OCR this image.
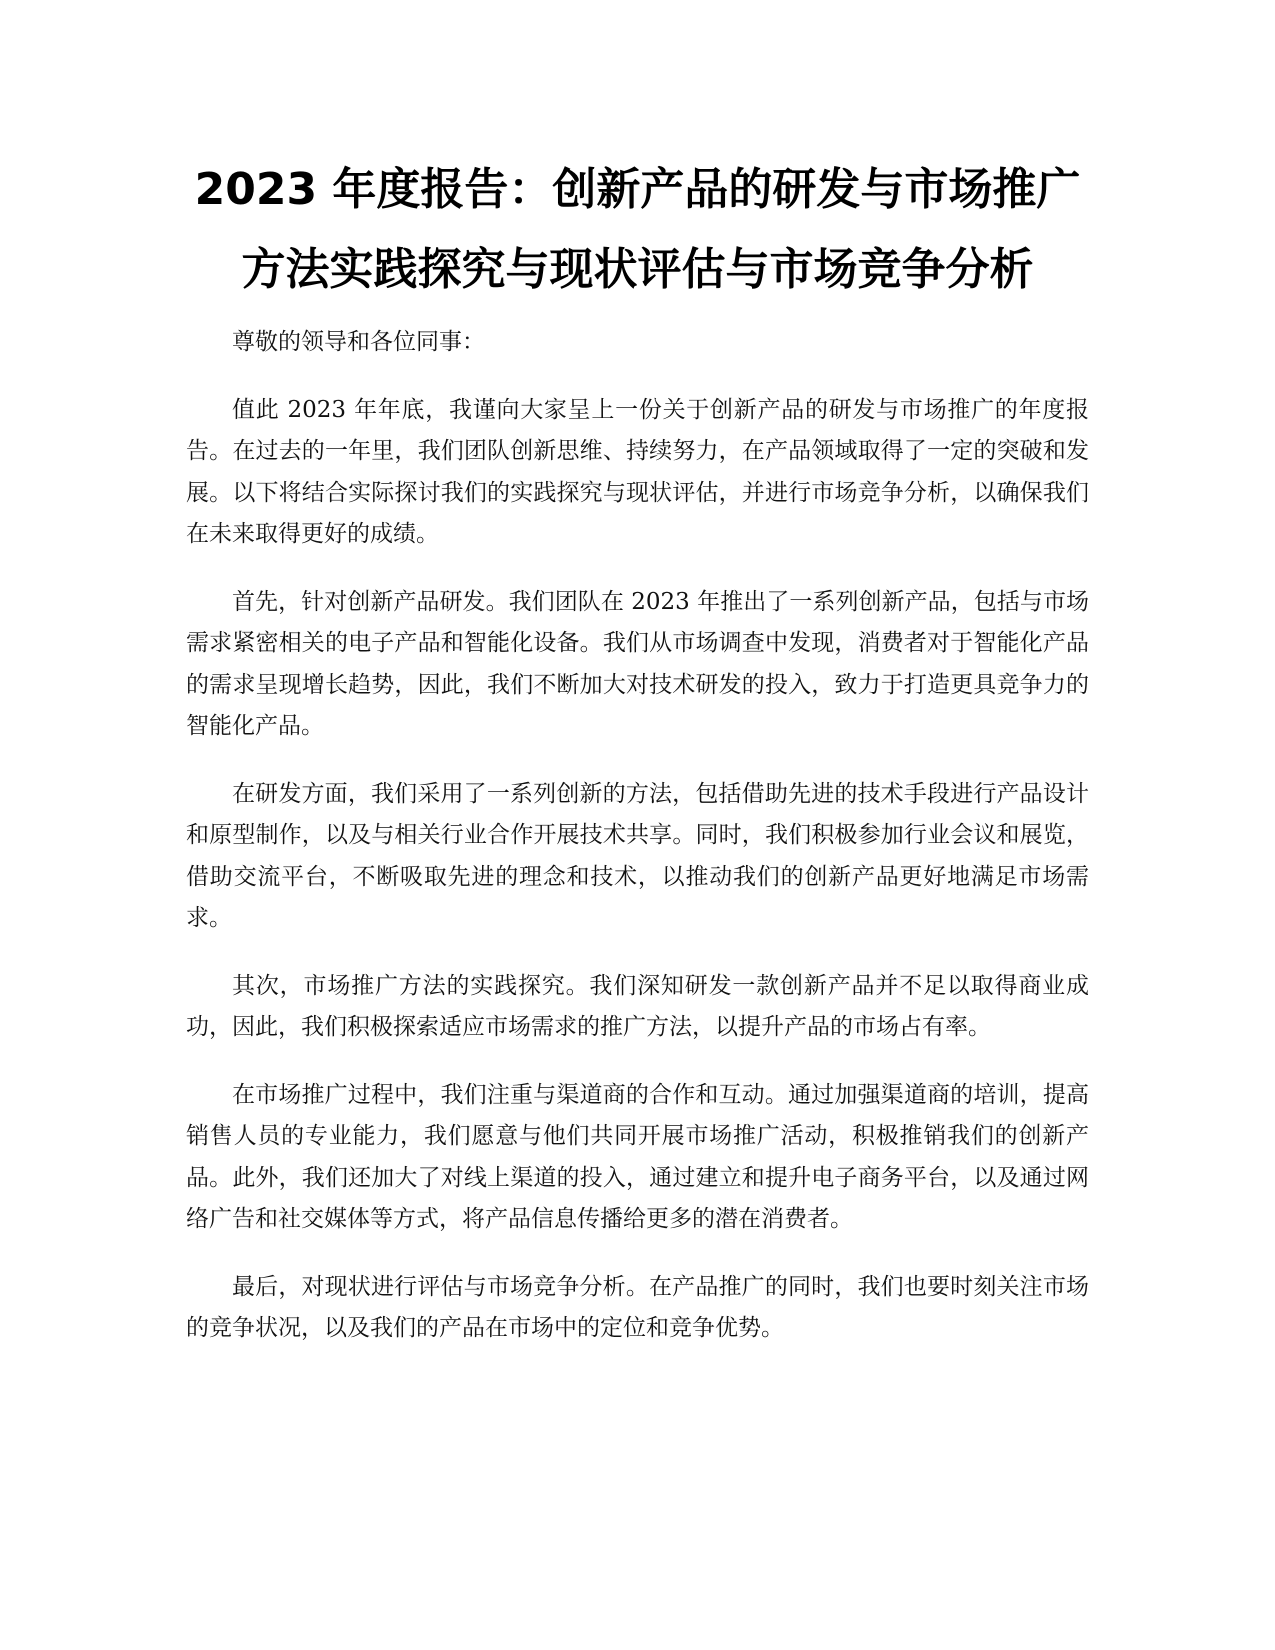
2023 年度报告：创新产品的研发与市场推广
方法实践探究与现状评估与市场竞争分析

尊敬的领导和各位同事：

值此 2023 年年底，我谨向大家呈上一份关于创新产品的研发与市场推广的年度报告。在过去的一年里，我们团队创新思维、持续努力，在产品领域取得了一定的突破和发展。以下将结合实际探讨我们的实践探究与现状评估，并进行市场竞争分析，以确保我们在未来取得更好的成绩。

首先，针对创新产品研发。我们团队在 2023 年推出了一系列创新产品，包括与市场需求紧密相关的电子产品和智能化设备。我们从市场调查中发现，消费者对于智能化产品的需求呈现增长趋势，因此，我们不断加大对技术研发的投入，致力于打造更具竞争力的智能化产品。

在研发方面，我们采用了一系列创新的方法，包括借助先进的技术手段进行产品设计和原型制作，以及与相关行业合作开展技术共享。同时，我们积极参加行业会议和展览，借助交流平台，不断吸取先进的理念和技术，以推动我们的创新产品更好地满足市场需求。

其次，市场推广方法的实践探究。我们深知研发一款创新产品并不足以取得商业成功，因此，我们积极探索适应市场需求的推广方法，以提升产品的市场占有率。

在市场推广过程中，我们注重与渠道商的合作和互动。通过加强渠道商的培训，提高销售人员的专业能力，我们愿意与他们共同开展市场推广活动，积极推销我们的创新产品。此外，我们还加大了对线上渠道的投入，通过建立和提升电子商务平台，以及通过网络广告和社交媒体等方式，将产品信息传播给更多的潜在消费者。

最后，对现状进行评估与市场竞争分析。在产品推广的同时，我们也要时刻关注市场的竞争状况，以及我们的产品在市场中的定位和竞争优势。
